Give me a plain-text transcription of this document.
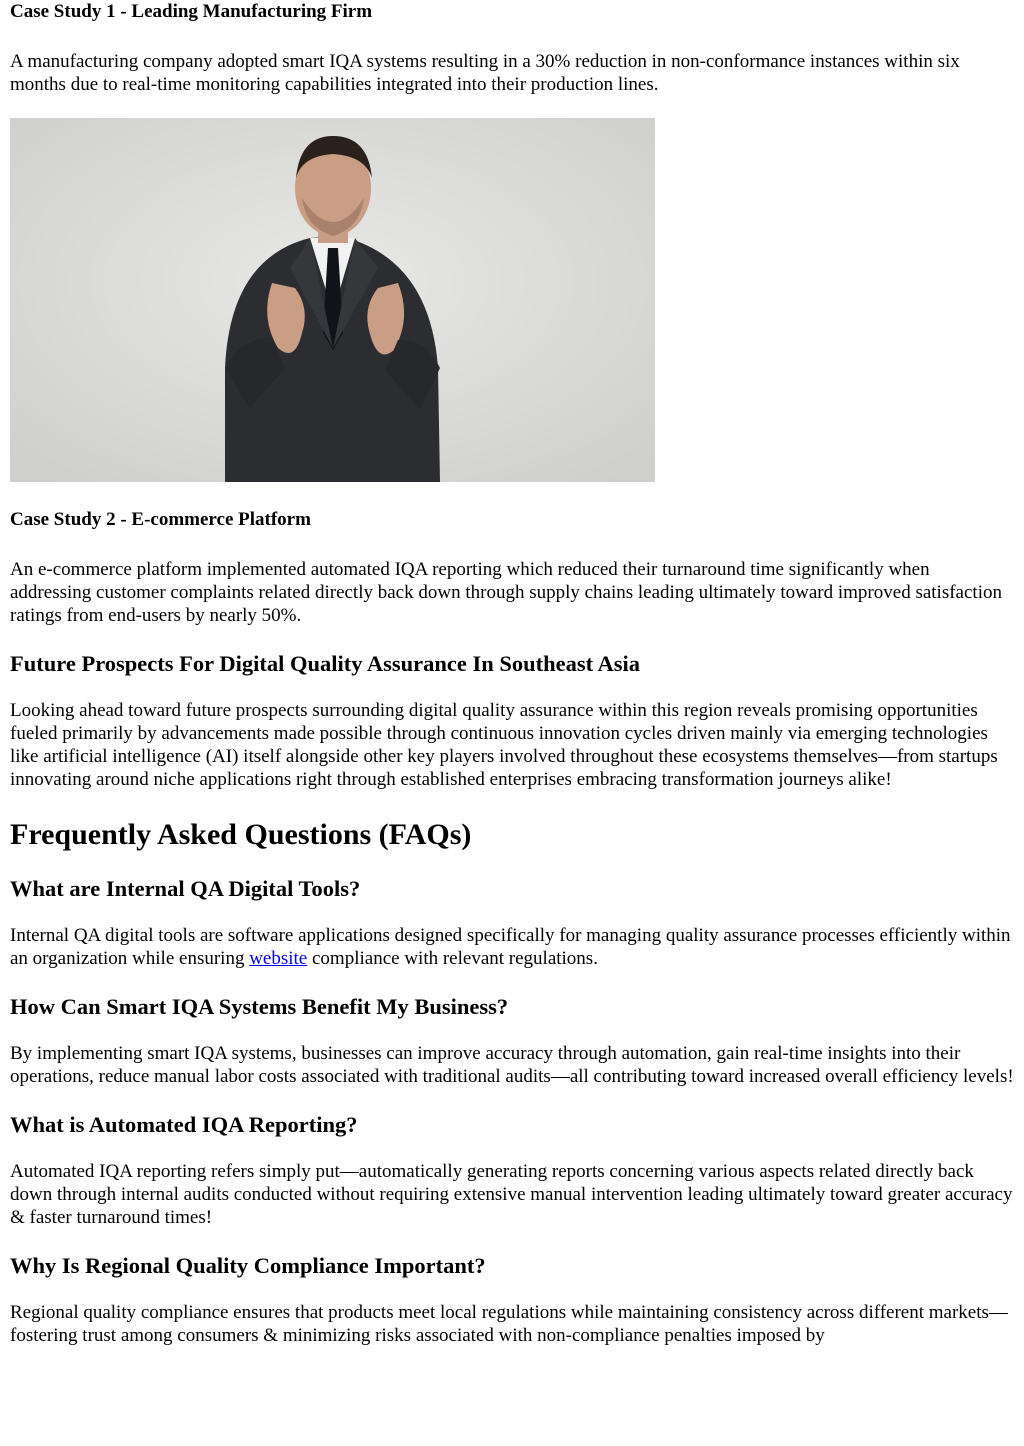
Case Study 1 - Leading Manufacturing Firm

A manufacturing company adopted smart IQA systems resulting in a 30% reduction in non-conformance instances within six months due to real-time monitoring capabilities integrated into their production lines.

Case Study 2 - E-commerce Platform

An e-commerce platform implemented automated IQA reporting which reduced their turnaround time significantly when addressing customer complaints related directly back down through supply chains leading ultimately toward improved satisfaction ratings from end-users by nearly 50%.

Future Prospects For Digital Quality Assurance In Southeast Asia

Looking ahead toward future prospects surrounding digital quality assurance within this region reveals promising opportunities fueled primarily by advancements made possible through continuous innovation cycles driven mainly via emerging technologies like artificial intelligence (AI) itself alongside other key players involved throughout these ecosystems themselves—from startups innovating around niche applications right through established enterprises embracing transformation journeys alike!

Frequently Asked Questions (FAQs)
What are Internal QA Digital Tools?

Internal QA digital tools are software applications designed specifically for managing quality assurance processes efficiently within an organization while ensuring website compliance with relevant regulations.

How Can Smart IQA Systems Benefit My Business?

By implementing smart IQA systems, businesses can improve accuracy through automation, gain real-time insights into their operations, reduce manual labor costs associated with traditional audits—all contributing toward increased overall efficiency levels!

What is Automated IQA Reporting?

Automated IQA reporting refers simply put—automatically generating reports concerning various aspects related directly back down through internal audits conducted without requiring extensive manual intervention leading ultimately toward greater accuracy & faster turnaround times!

Why Is Regional Quality Compliance Important?

Regional quality compliance ensures that products meet local regulations while maintaining consistency across different markets—fostering trust among consumers & minimizing risks associated with non-compliance penalties imposed by
